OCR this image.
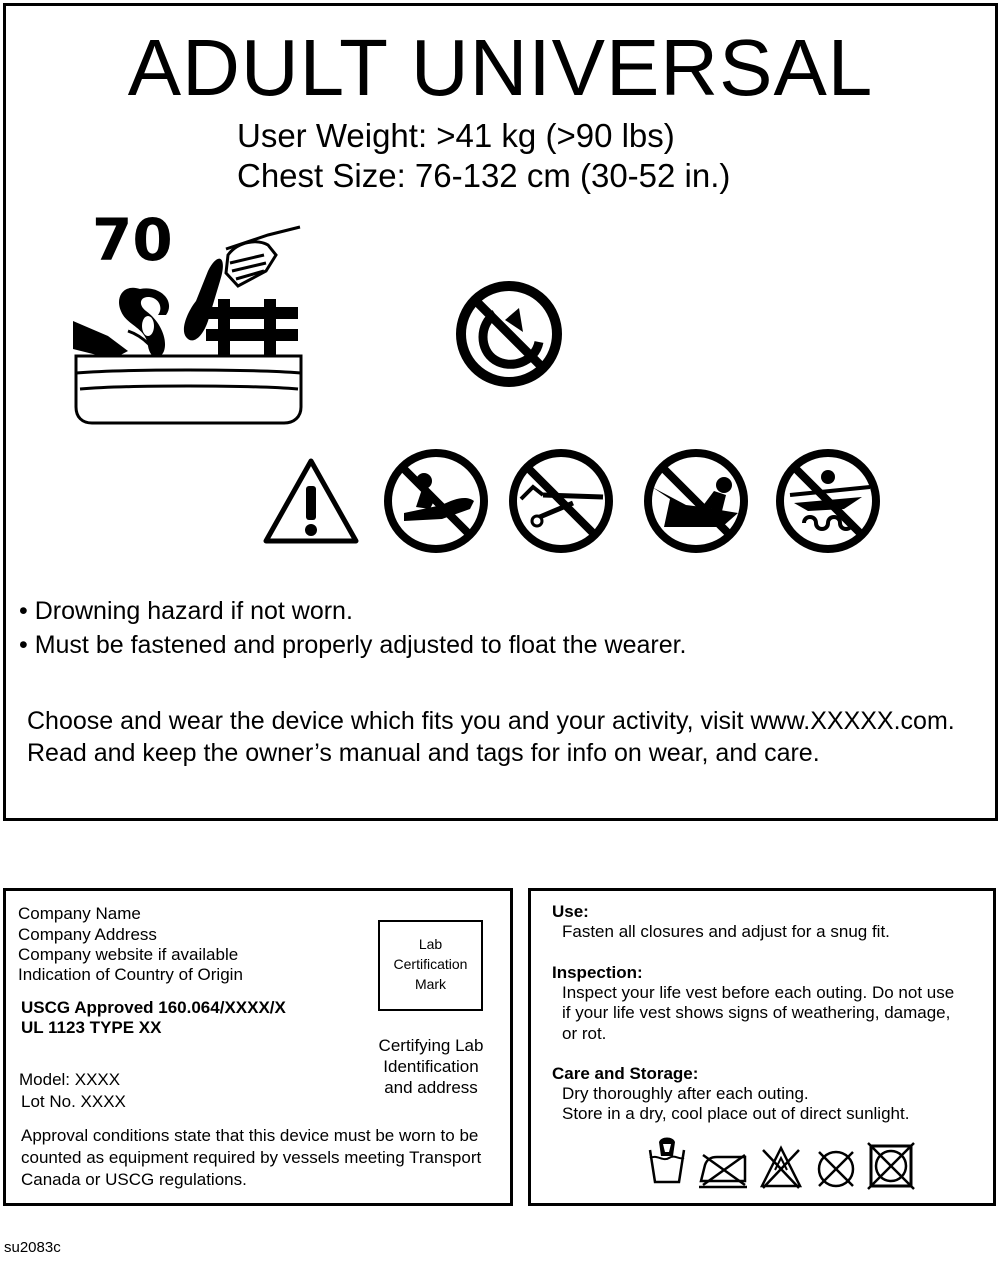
ADULT UNIVERSAL
User Weight: >41 kg (>90 lbs)
Chest Size: 76-132 cm (30-52 in.)
70
• Drowning hazard if not worn.
• Must be fastened and properly adjusted to float the wearer.
Choose and wear the device which fits you and your activity, visit www.XXXXX.com.
Read and keep the owner’s manual and tags for info on wear, and care.
Company Name
Company Address
Company website if available
Indication of Country of Origin
USCG Approved 160.064/XXXX/X
UL 1123 TYPE XX
Lab
Certification
Mark
Certifying Lab
Identification
and address
Model: XXXX
Lot No. XXXX
Approval conditions state that this device must be worn to be
counted as equipment required by vessels meeting Transport
Canada or USCG regulations.
Use:
Fasten all closures and adjust for a snug fit.
Inspection:
Inspect your life vest before each outing. Do not use
if your life vest shows signs of weathering, damage,
or rot.
Care and Storage:
Dry thoroughly after each outing.
Store in a dry, cool place out of direct sunlight.
su2083c
